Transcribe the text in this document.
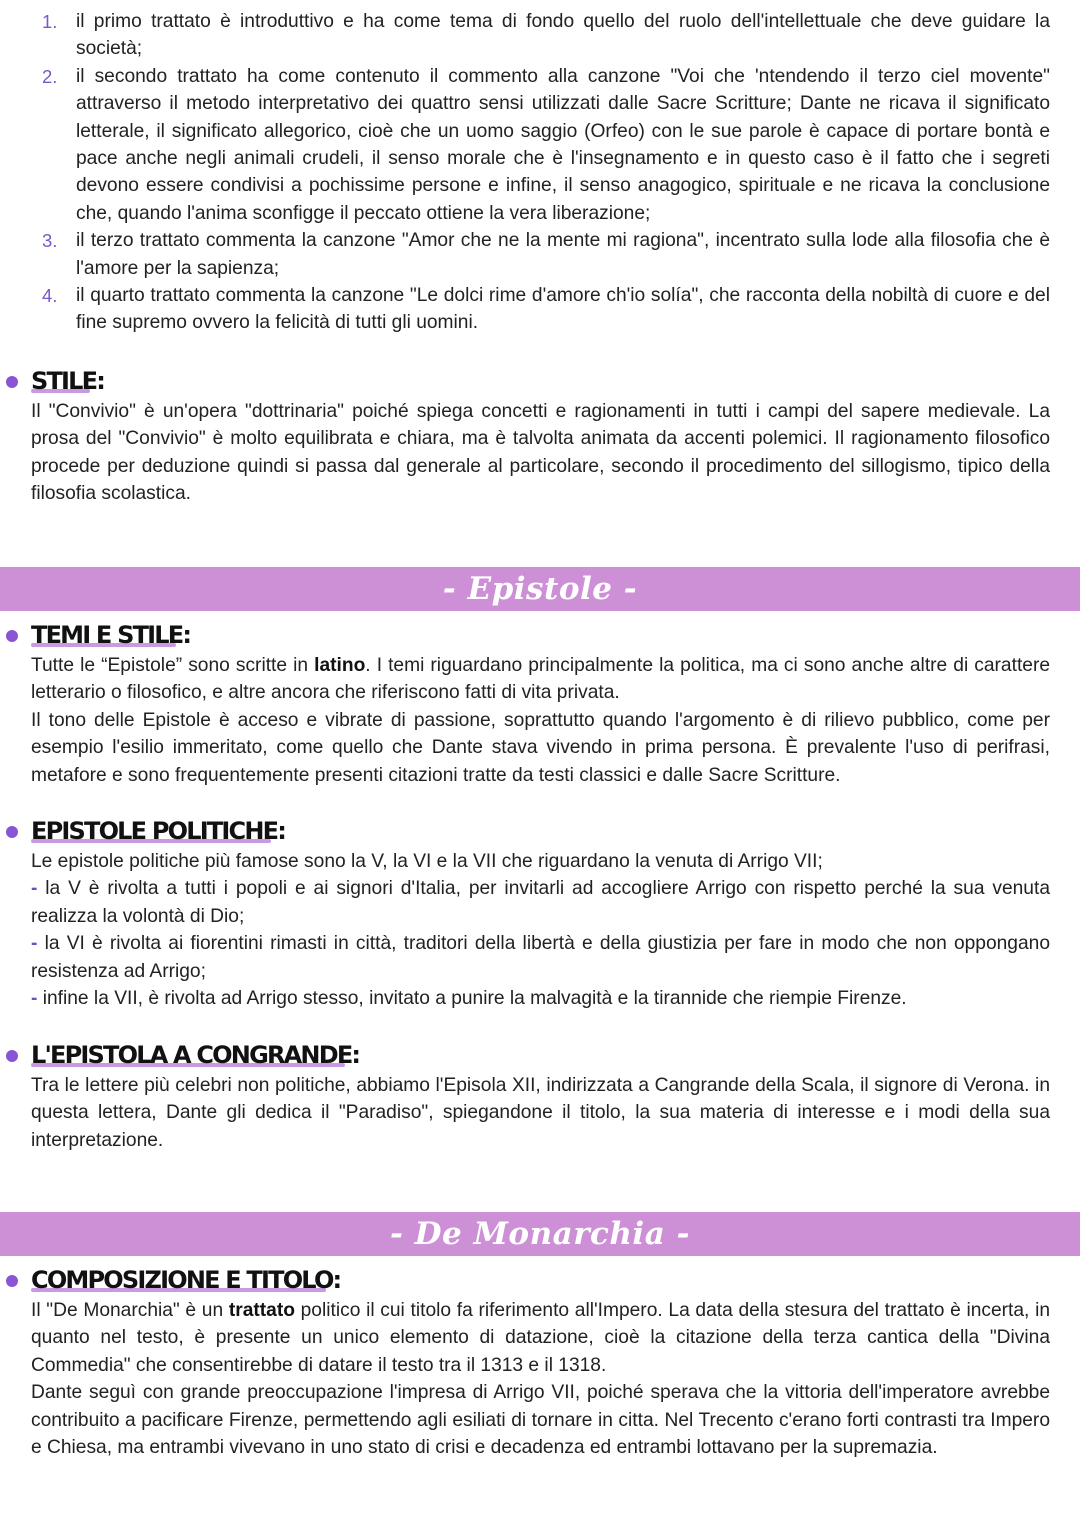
1. il primo trattato è introduttivo e ha come tema di fondo quello del ruolo dell'intellettuale che deve guidare la società;

2. il secondo trattato ha come contenuto il commento alla canzone "Voi che 'ntendendo il terzo ciel movente" attraverso il metodo interpretativo dei quattro sensi utilizzati dalle Sacre Scritture; Dante ne ricava il significato letterale, il significato allegorico, cioè che un uomo saggio (Orfeo) con le sue parole è capace di portare bontà e pace anche negli animali crudeli, il senso morale che è l'insegnamento e in questo caso è il fatto che i segreti devono essere condivisi a pochissime persone e infine, il senso anagogico, spirituale e ne ricava la conclusione che, quando l'anima sconfigge il peccato ottiene la vera liberazione;

3. il terzo trattato commenta la canzone "Amor che ne la mente mi ragiona", incentrato sulla lode alla filosofia che è l'amore per la sapienza;

4. il quarto trattato commenta la canzone "Le dolci rime d'amore ch'io solía", che racconta della nobiltà di cuore e del fine supremo ovvero la felicità di tutti gli uomini.

STILE:

Il "Convivio" è un'opera "dottrinaria" poiché spiega concetti e ragionamenti in tutti i campi del sapere medievale. La prosa del "Convivio" è molto equilibrata e chiara, ma è talvolta animata da accenti polemici. Il ragionamento filosofico procede per deduzione quindi si passa dal generale al particolare, secondo il procedimento del sillogismo, tipico della filosofia scolastica.

- Epistole -
TEMI E STILE:

Tutte le “Epistole” sono scritte in latino. I temi riguardano principalmente la politica, ma ci sono anche altre di carattere letterario o filosofico, e altre ancora che riferiscono fatti di vita privata.

Il tono delle Epistole è acceso e vibrate di passione, soprattutto quando l'argomento è di rilievo pubblico, come per esempio l'esilio immeritato, come quello che Dante stava vivendo in prima persona. È prevalente l'uso di perifrasi, metafore e sono frequentemente presenti citazioni tratte da testi classici e dalle Sacre Scritture.

EPISTOLE POLITICHE:

Le epistole politiche più famose sono la V, la VI e la VII che riguardano la venuta di Arrigo VII;

- la V è rivolta a tutti i popoli e ai signori d'Italia, per invitarli ad accogliere Arrigo con rispetto perché la sua venuta realizza la volontà di Dio;

- la VI è rivolta ai fiorentini rimasti in città, traditori della libertà e della giustizia per fare in modo che non oppongano resistenza ad Arrigo;

- infine la VII, è rivolta ad Arrigo stesso, invitato a punire la malvagità e la tirannide che riempie Firenze.

L'EPISTOLA A CONGRANDE:

Tra le lettere più celebri non politiche, abbiamo l'Episola XII, indirizzata a Cangrande della Scala, il signore di Verona. in questa lettera, Dante gli dedica il "Paradiso", spiegandone il titolo, la sua materia di interesse e i modi della sua interpretazione.

- De Monarchia -
COMPOSIZIONE E TITOLO:

Il "De Monarchia" è un trattato politico il cui titolo fa riferimento all'Impero. La data della stesura del trattato è incerta, in quanto nel testo, è presente un unico elemento di datazione, cioè la citazione della terza cantica della "Divina Commedia" che consentirebbe di datare il testo tra il 1313 e il 1318.

Dante seguì con grande preoccupazione l'impresa di Arrigo VII, poiché sperava che la vittoria dell'imperatore avrebbe contribuito a pacificare Firenze, permettendo agli esiliati di tornare in citta. Nel Trecento c'erano forti contrasti tra Impero e Chiesa, ma entrambi vivevano in uno stato di crisi e decadenza ed entrambi lottavano per la supremazia.
